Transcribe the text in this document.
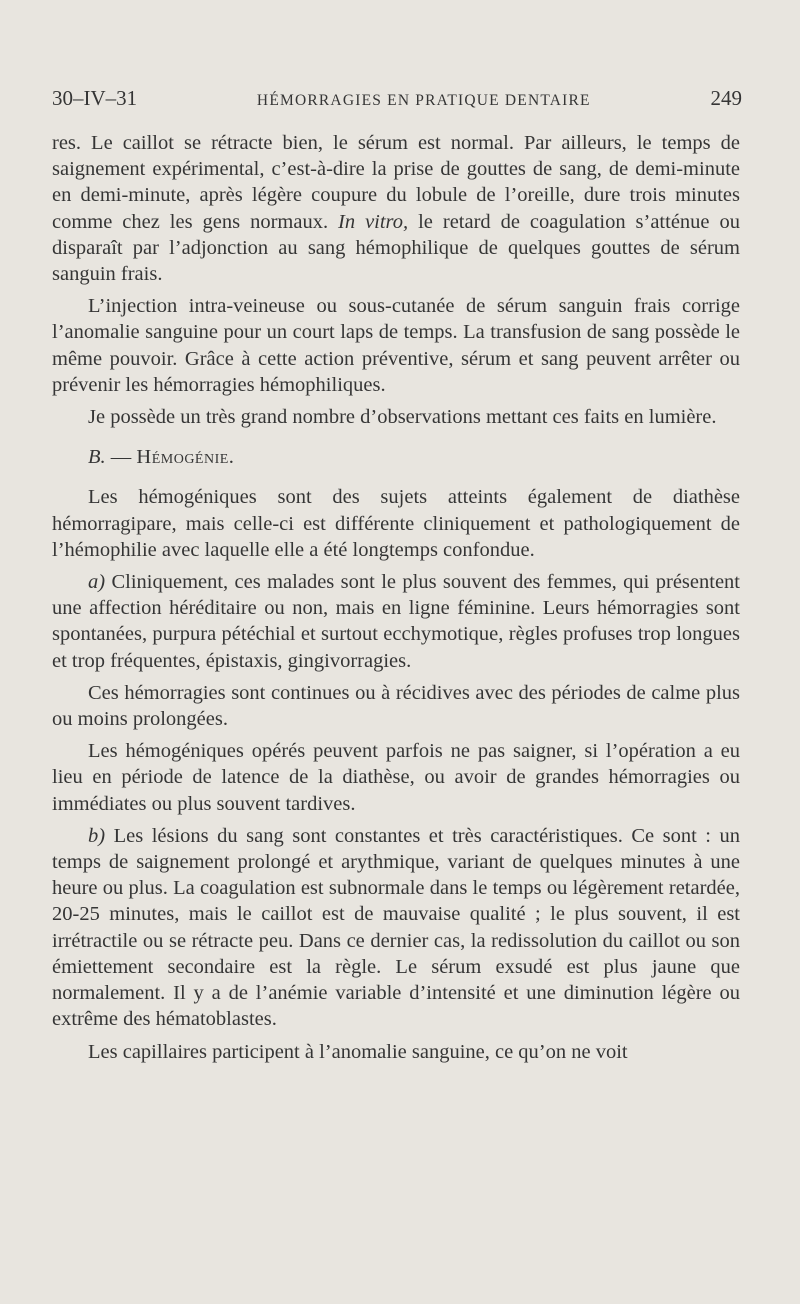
30–IV–31	HÉMORRAGIES EN PRATIQUE DENTAIRE	249

res. Le caillot se rétracte bien, le sérum est normal. Par ailleurs, le temps de saignement expérimental, c’est-à-dire la prise de gouttes de sang, de demi-minute en demi-minute, après légère coupure du lobule de l’oreille, dure trois minutes comme chez les gens normaux. In vitro, le retard de coagulation s’atténue ou disparaît par l’adjonction au sang hémophilique de quelques gouttes de sérum sanguin frais.

L’injection intra-veineuse ou sous-cutanée de sérum sanguin frais corrige l’anomalie sanguine pour un court laps de temps. La transfusion de sang possède le même pouvoir. Grâce à cette action préventive, sérum et sang peuvent arrêter ou prévenir les hémorragies hémophiliques.

Je possède un très grand nombre d’observations mettant ces faits en lumière.

B. — Hémogénie.

Les hémogéniques sont des sujets atteints également de diathèse hémorragipare, mais celle-ci est différente cliniquement et pathologiquement de l’hémophilie avec laquelle elle a été longtemps confondue.

a) Cliniquement, ces malades sont le plus souvent des femmes, qui présentent une affection héréditaire ou non, mais en ligne féminine. Leurs hémorragies sont spontanées, purpura pétéchial et surtout ecchymotique, règles profuses trop longues et trop fréquentes, épistaxis, gingivorragies.

Ces hémorragies sont continues ou à récidives avec des périodes de calme plus ou moins prolongées.

Les hémogéniques opérés peuvent parfois ne pas saigner, si l’opération a eu lieu en période de latence de la diathèse, ou avoir de grandes hémorragies ou immédiates ou plus souvent tardives.

b) Les lésions du sang sont constantes et très caractéristiques. Ce sont : un temps de saignement prolongé et arythmique, variant de quelques minutes à une heure ou plus. La coagulation est subnormale dans le temps ou légèrement retardée, 20-25 minutes, mais le caillot est de mauvaise qualité ; le plus souvent, il est irrétractile ou se rétracte peu. Dans ce dernier cas, la redissolution du caillot ou son émiettement secondaire est la règle. Le sérum exsudé est plus jaune que normalement. Il y a de l’anémie variable d’intensité et une diminution légère ou extrême des hématoblastes.

Les capillaires participent à l’anomalie sanguine, ce qu’on ne voit
